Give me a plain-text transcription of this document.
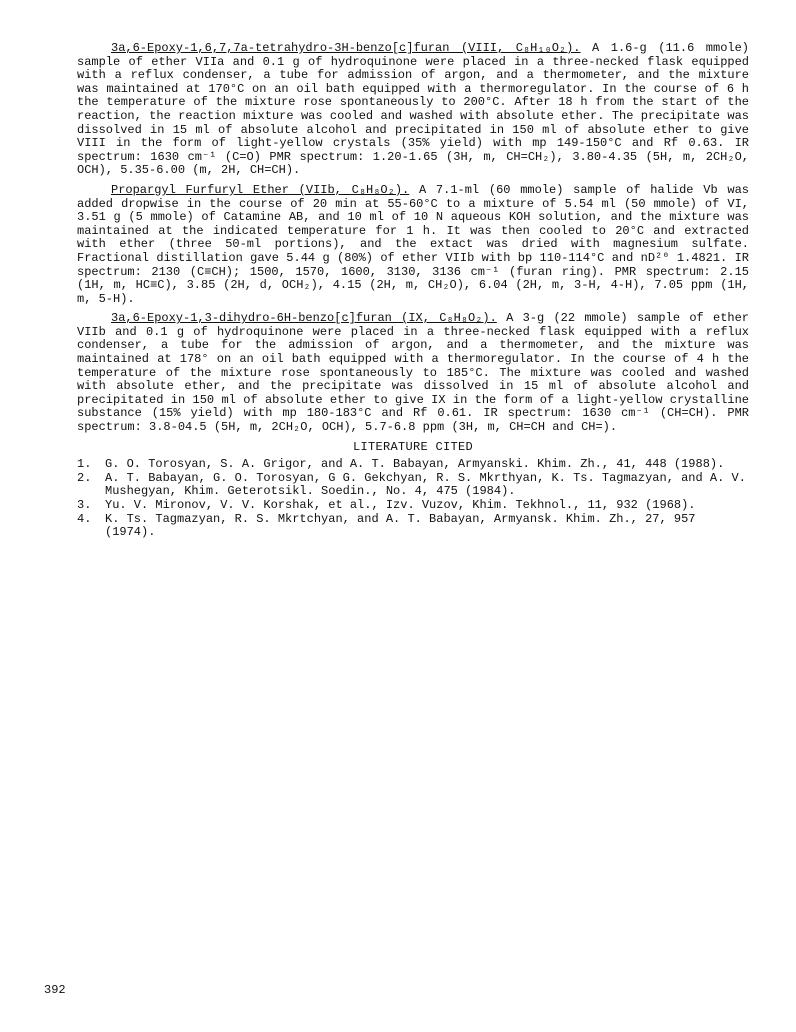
3a,6-Epoxy-1,6,7,7a-tetrahydro-3H-benzo[c]furan (VIII, C₈H₁₀O₂). A 1.6-g (11.6 mmole) sample of ether VIIa and 0.1 g of hydroquinone were placed in a three-necked flask equipped with a reflux condenser, a tube for admission of argon, and a thermometer, and the mixture was maintained at 170°C on an oil bath equipped with a thermoregulator. In the course of 6 h the temperature of the mixture rose spontaneously to 200°C. After 18 h from the start of the reaction, the reaction mixture was cooled and washed with absolute ether. The precipitate was dissolved in 15 ml of absolute alcohol and precipitated in 150 ml of absolute ether to give VIII in the form of light-yellow crystals (35% yield) with mp 149-150°C and Rf 0.63. IR spectrum: 1630 cm⁻¹ (C=O) PMR spectrum: 1.20-1.65 (3H, m, CH=CH₂), 3.80-4.35 (5H, m, 2CH₂O, OCH), 5.35-6.00 (m, 2H, CH=CH).

Propargyl Furfuryl Ether (VIIb, C₈H₈O₂). A 7.1-ml (60 mmole) sample of halide Vb was added dropwise in the course of 20 min at 55-60°C to a mixture of 5.54 ml (50 mmole) of VI, 3.51 g (5 mmole) of Catamine AB, and 10 ml of 10 N aqueous KOH solution, and the mixture was maintained at the indicated temperature for 1 h. It was then cooled to 20°C and extracted with ether (three 50-ml portions), and the extact was dried with magnesium sulfate. Fractional distillation gave 5.44 g (80%) of ether VIIb with bp 110-114°C and nD²⁰ 1.4821. IR spectrum: 2130 (C≡CH); 1500, 1570, 1600, 3130, 3136 cm⁻¹ (furan ring). PMR spectrum: 2.15 (1H, m, HC≡C), 3.85 (2H, d, OCH₂), 4.15 (2H, m, CH₂O), 6.04 (2H, m, 3-H, 4-H), 7.05 ppm (1H, m, 5-H).

3a,6-Epoxy-1,3-dihydro-6H-benzo[c]furan (IX, C₈H₈O₂). A 3-g (22 mmole) sample of ether VIIb and 0.1 g of hydroquinone were placed in a three-necked flask equipped with a reflux condenser, a tube for the admission of argon, and a thermometer, and the mixture was maintained at 178° on an oil bath equipped with a thermoregulator. In the course of 4 h the temperature of the mixture rose spontaneously to 185°C. The mixture was cooled and washed with absolute ether, and the precipitate was dissolved in 15 ml of absolute alcohol and precipitated in 150 ml of absolute ether to give IX in the form of a light-yellow crystalline substance (15% yield) with mp 180-183°C and Rf 0.61. IR spectrum: 1630 cm⁻¹ (CH=CH). PMR spectrum: 3.8-04.5 (5H, m, 2CH₂O, OCH), 5.7-6.8 ppm (3H, m, CH=CH and CH=).

LITERATURE CITED

1. G. O. Torosyan, S. A. Grigor, and A. T. Babayan, Armyanski. Khim. Zh., 41, 448 (1988).
2. A. T. Babayan, G. O. Torosyan, G G. Gekchyan, R. S. Mkrthyan, K. Ts. Tagmazyan, and A. V. Mushegyan, Khim. Geterotsikl. Soedin., No. 4, 475 (1984).
3. Yu. V. Mironov, V. V. Korshak, et al., Izv. Vuzov, Khim. Tekhnol., 11, 932 (1968).
4. K. Ts. Tagmazyan, R. S. Mkrtchyan, and A. T. Babayan, Armyansk. Khim. Zh., 27, 957 (1974).
392
